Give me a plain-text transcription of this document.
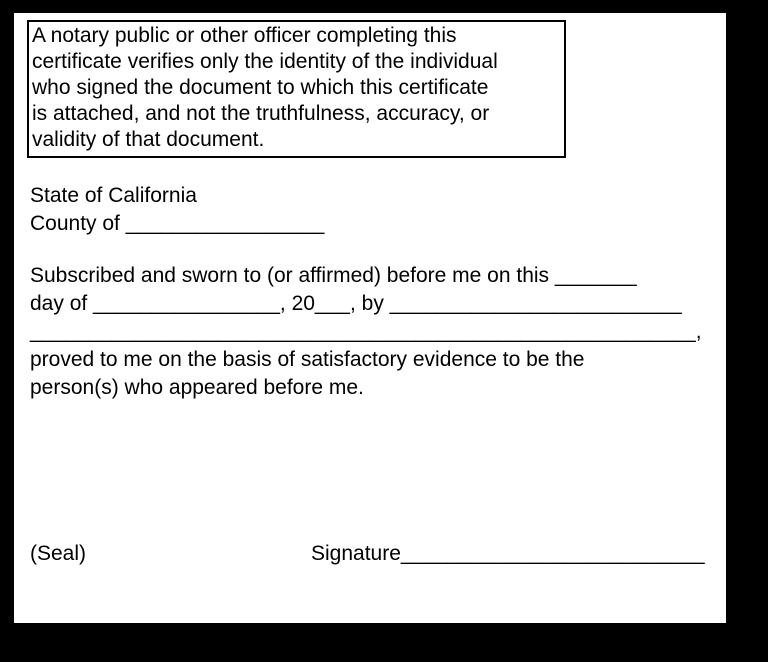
A notary public or other officer completing this
certificate verifies only the identity of the individual
who signed the document to which this certificate
is attached, and not the truthfulness, accuracy, or
validity of that document.
State of California
County of _________________
Subscribed and sworn to (or affirmed) before me on this _______
day of ________________, 20___, by _________________________
_________________________________________________________,
proved to me on the basis of satisfactory evidence to be the
person(s) who appeared before me.
(Seal)	Signature__________________________
